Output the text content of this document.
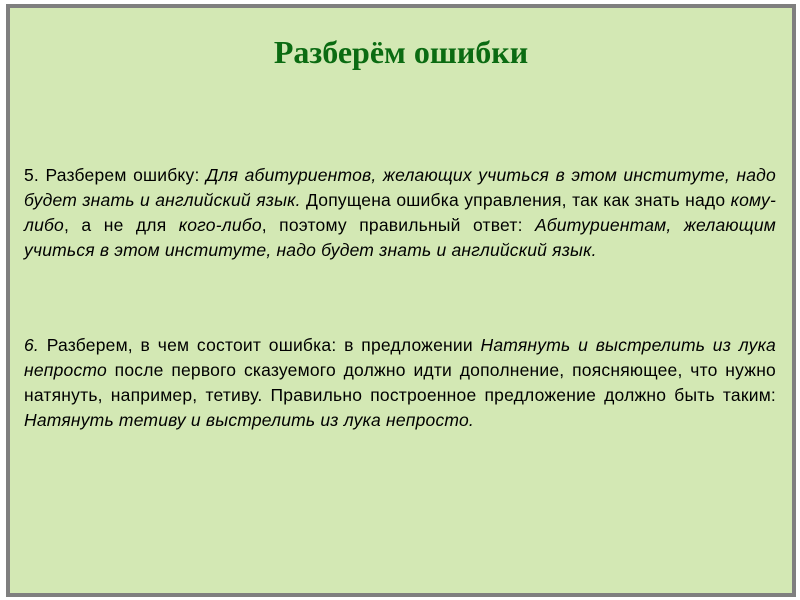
Разберём ошибки

5. Разберем ошибку: Для абитуриентов, желающих учиться в этом институте, надо будет знать и английский язык. Допущена ошибка управления, так как знать надо кому-либо, а не для кого-либо, поэтому правильный ответ: Абитуриентам, желающим учиться в этом институте, надо будет знать и английский язык.

6. Разберем, в чем состоит ошибка: в предложении Натянуть и выстрелить из лука непросто после первого сказуемого должно идти дополнение, поясняющее, что нужно натянуть, например, тетиву. Правильно построенное предложение должно быть таким: Натянуть тетиву и выстрелить из лука непросто.
